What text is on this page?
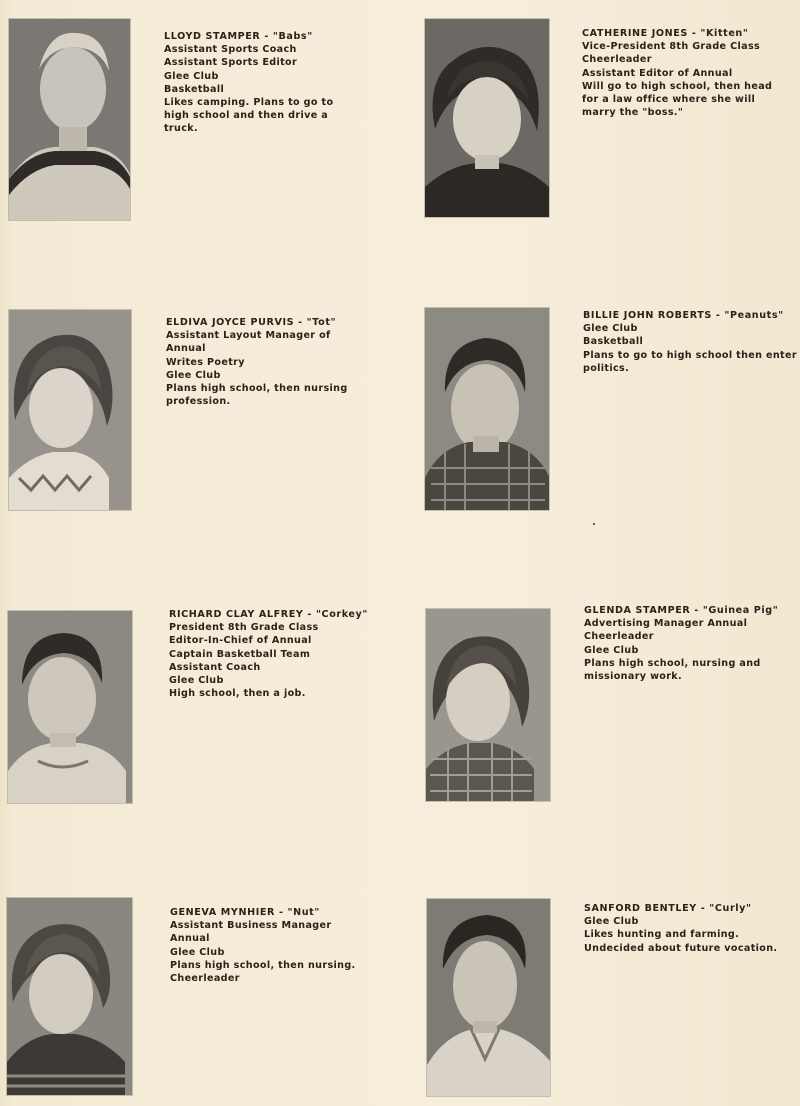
LLOYD STAMPER - "Babs"
Assistant Sports Coach
Assistant Sports Editor
Glee Club
Basketball
Likes camping. Plans to go to
high school and then drive a
truck.
CATHERINE JONES - "Kitten"
Vice-President 8th Grade Class
Cheerleader
Assistant Editor of Annual
Will go to high school, then head
for a law office where she will
marry the "boss."
ELDIVA JOYCE PURVIS - "Tot"
Assistant Layout Manager of
Annual
Writes Poetry
Glee Club
Plans high school, then nursing
profession.
BILLIE JOHN ROBERTS - "Peanuts"
Glee Club
Basketball
Plans to go to high school then enter
politics.
RICHARD CLAY ALFREY - "Corkey"
President 8th Grade Class
Editor-In-Chief of Annual
Captain Basketball Team
Assistant Coach
Glee Club
High school, then a job.
GLENDA STAMPER - "Guinea Pig"
Advertising Manager Annual
Cheerleader
Glee Club
Plans high school, nursing and
missionary work.
GENEVA MYNHIER - "Nut"
Assistant Business Manager
Annual
Glee Club
Plans high school, then nursing.
Cheerleader
SANFORD BENTLEY - "Curly"
Glee Club
Likes hunting and farming.
Undecided about future vocation.
